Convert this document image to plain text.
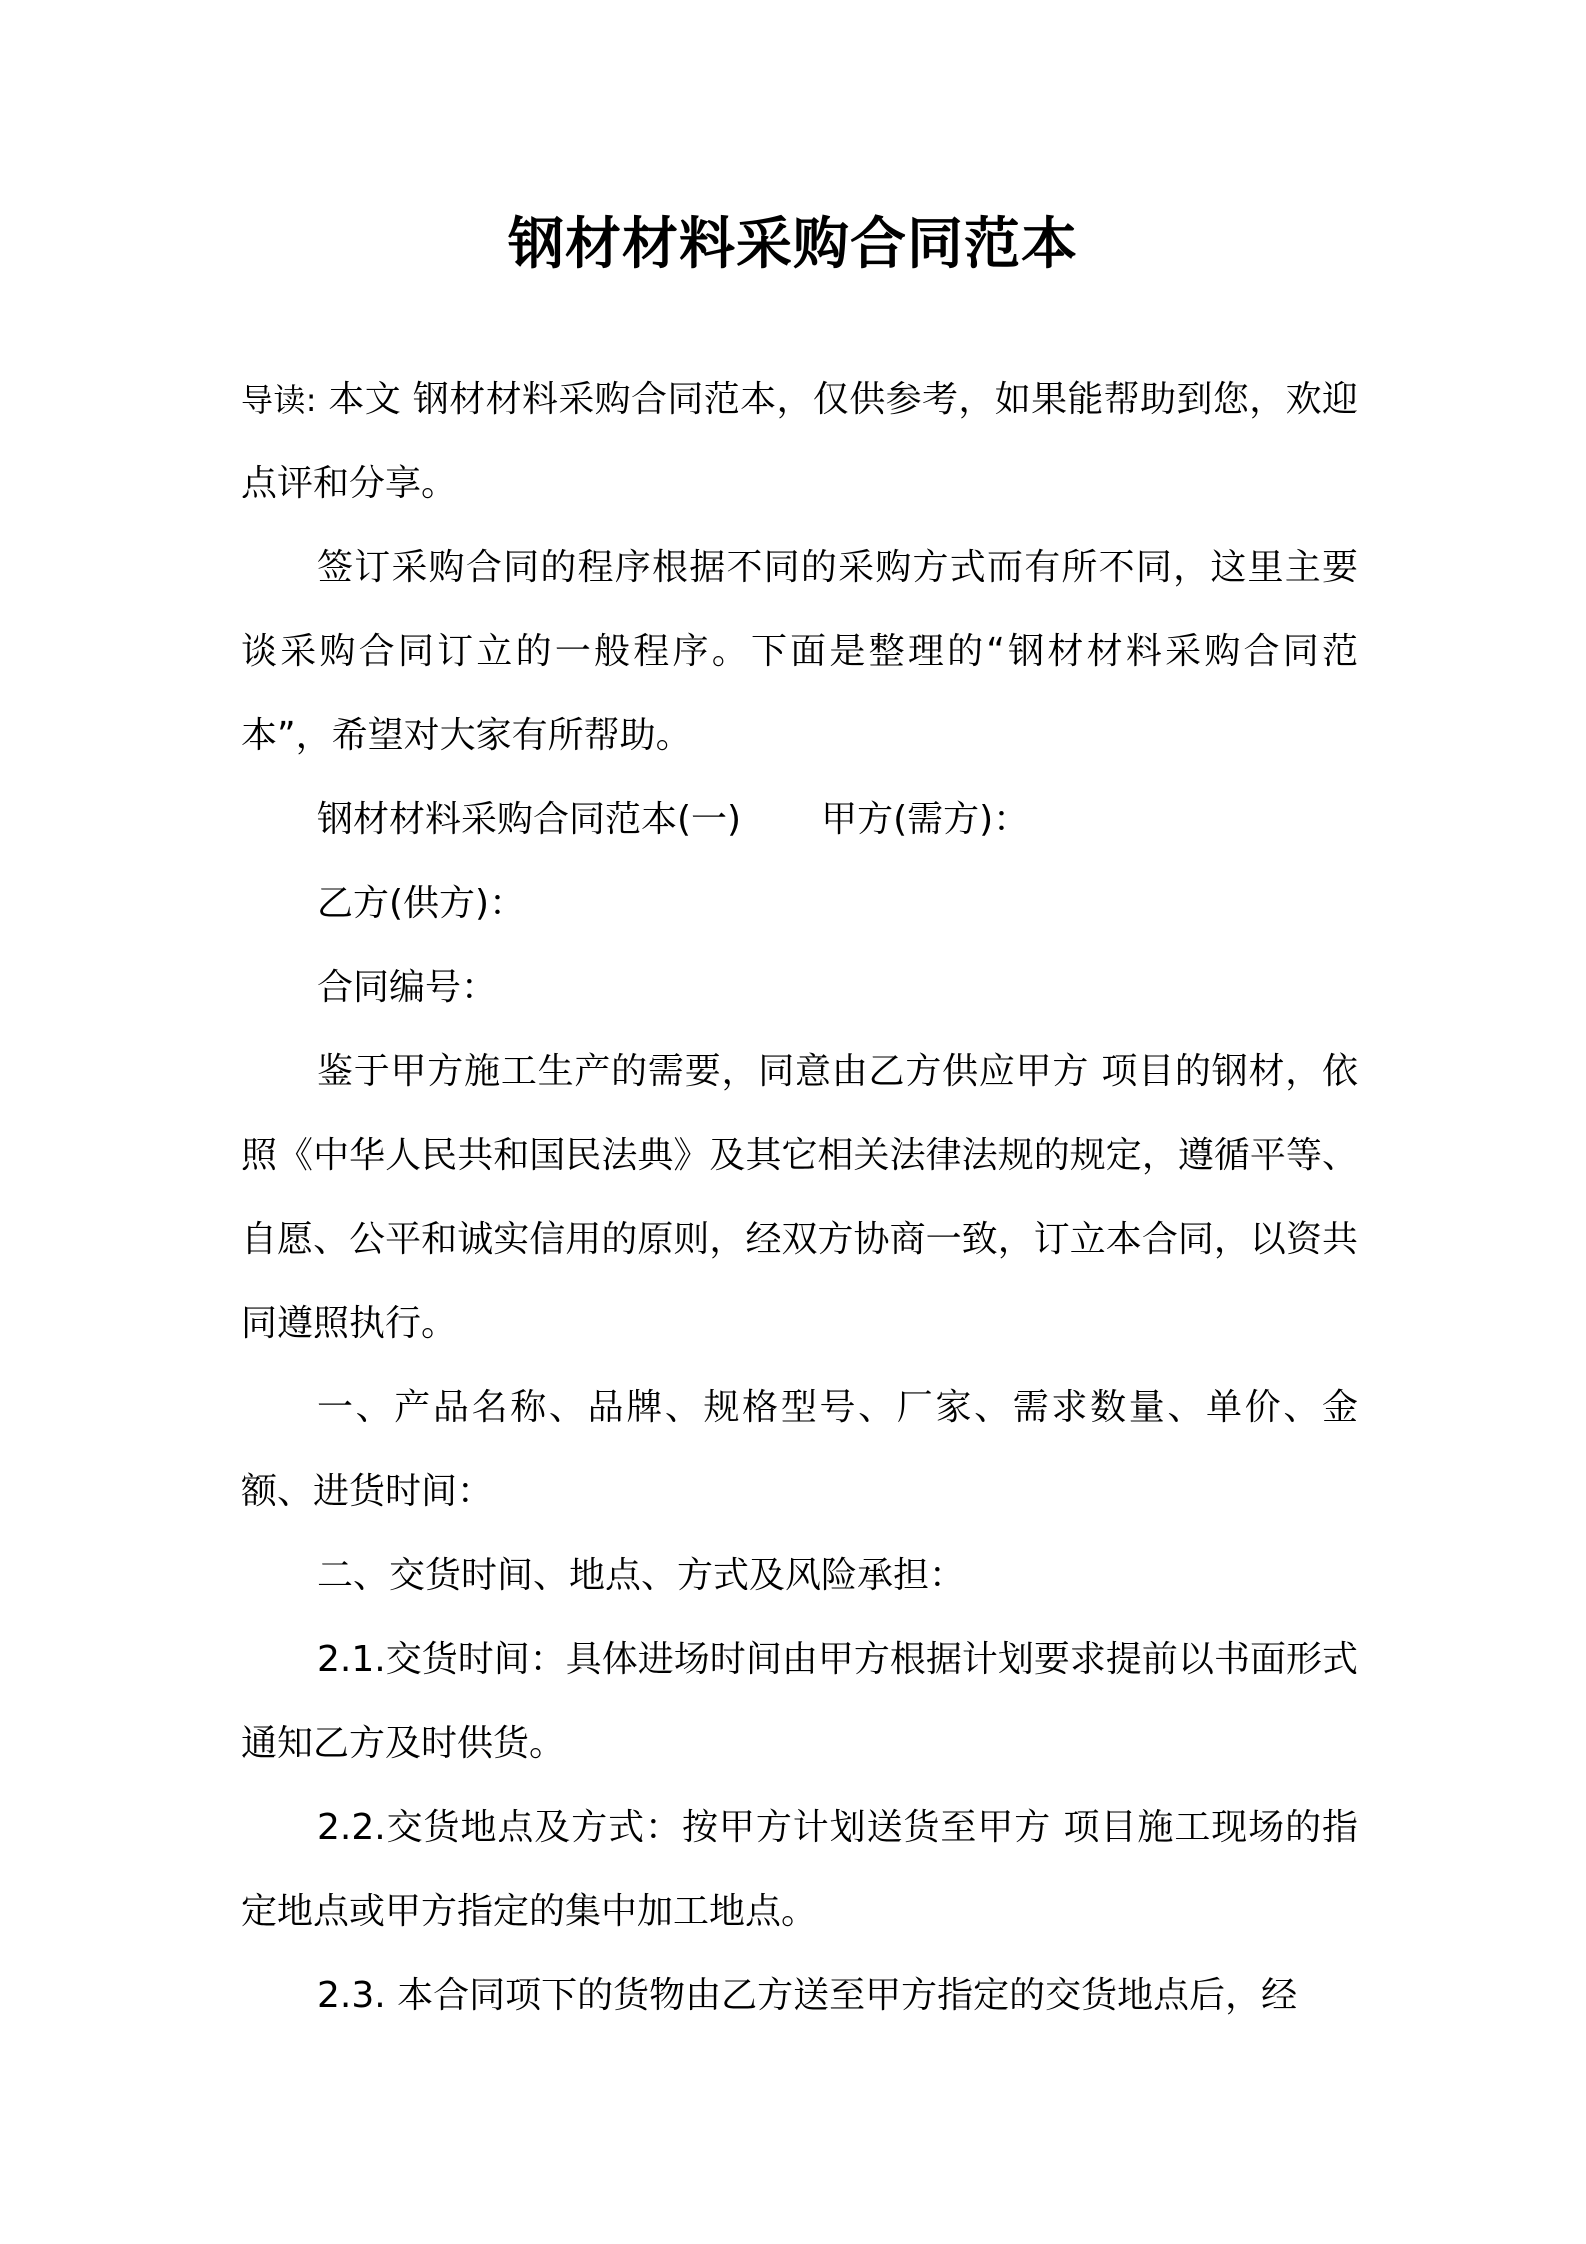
钢材材料采购合同范本

导读: 本文 钢材材料采购合同范本，仅供参考，如果能帮助到您，欢迎点评和分享。

签订采购合同的程序根据不同的采购方式而有所不同，这里主要谈采购合同订立的一般程序。下面是整理的“钢材材料采购合同范本”，希望对大家有所帮助。

钢材材料采购合同范本(一) 甲方(需方)：

乙方(供方)：

合同编号：

鉴于甲方施工生产的需要，同意由乙方供应甲方 项目的钢材，依照《中华人民共和国民法典》及其它相关法律法规的规定，遵循平等、自愿、公平和诚实信用的原则，经双方协商一致，订立本合同，以资共同遵照执行。

一、产品名称、品牌、规格型号、厂家、需求数量、单价、金额、进货时间：

二、交货时间、地点、方式及风险承担：

2.1.交货时间：具体进场时间由甲方根据计划要求提前以书面形式通知乙方及时供货。

2.2.交货地点及方式：按甲方计划送货至甲方 项目施工现场的指定地点或甲方指定的集中加工地点。

2.3. 本合同项下的货物由乙方送至甲方指定的交货地点后，经
